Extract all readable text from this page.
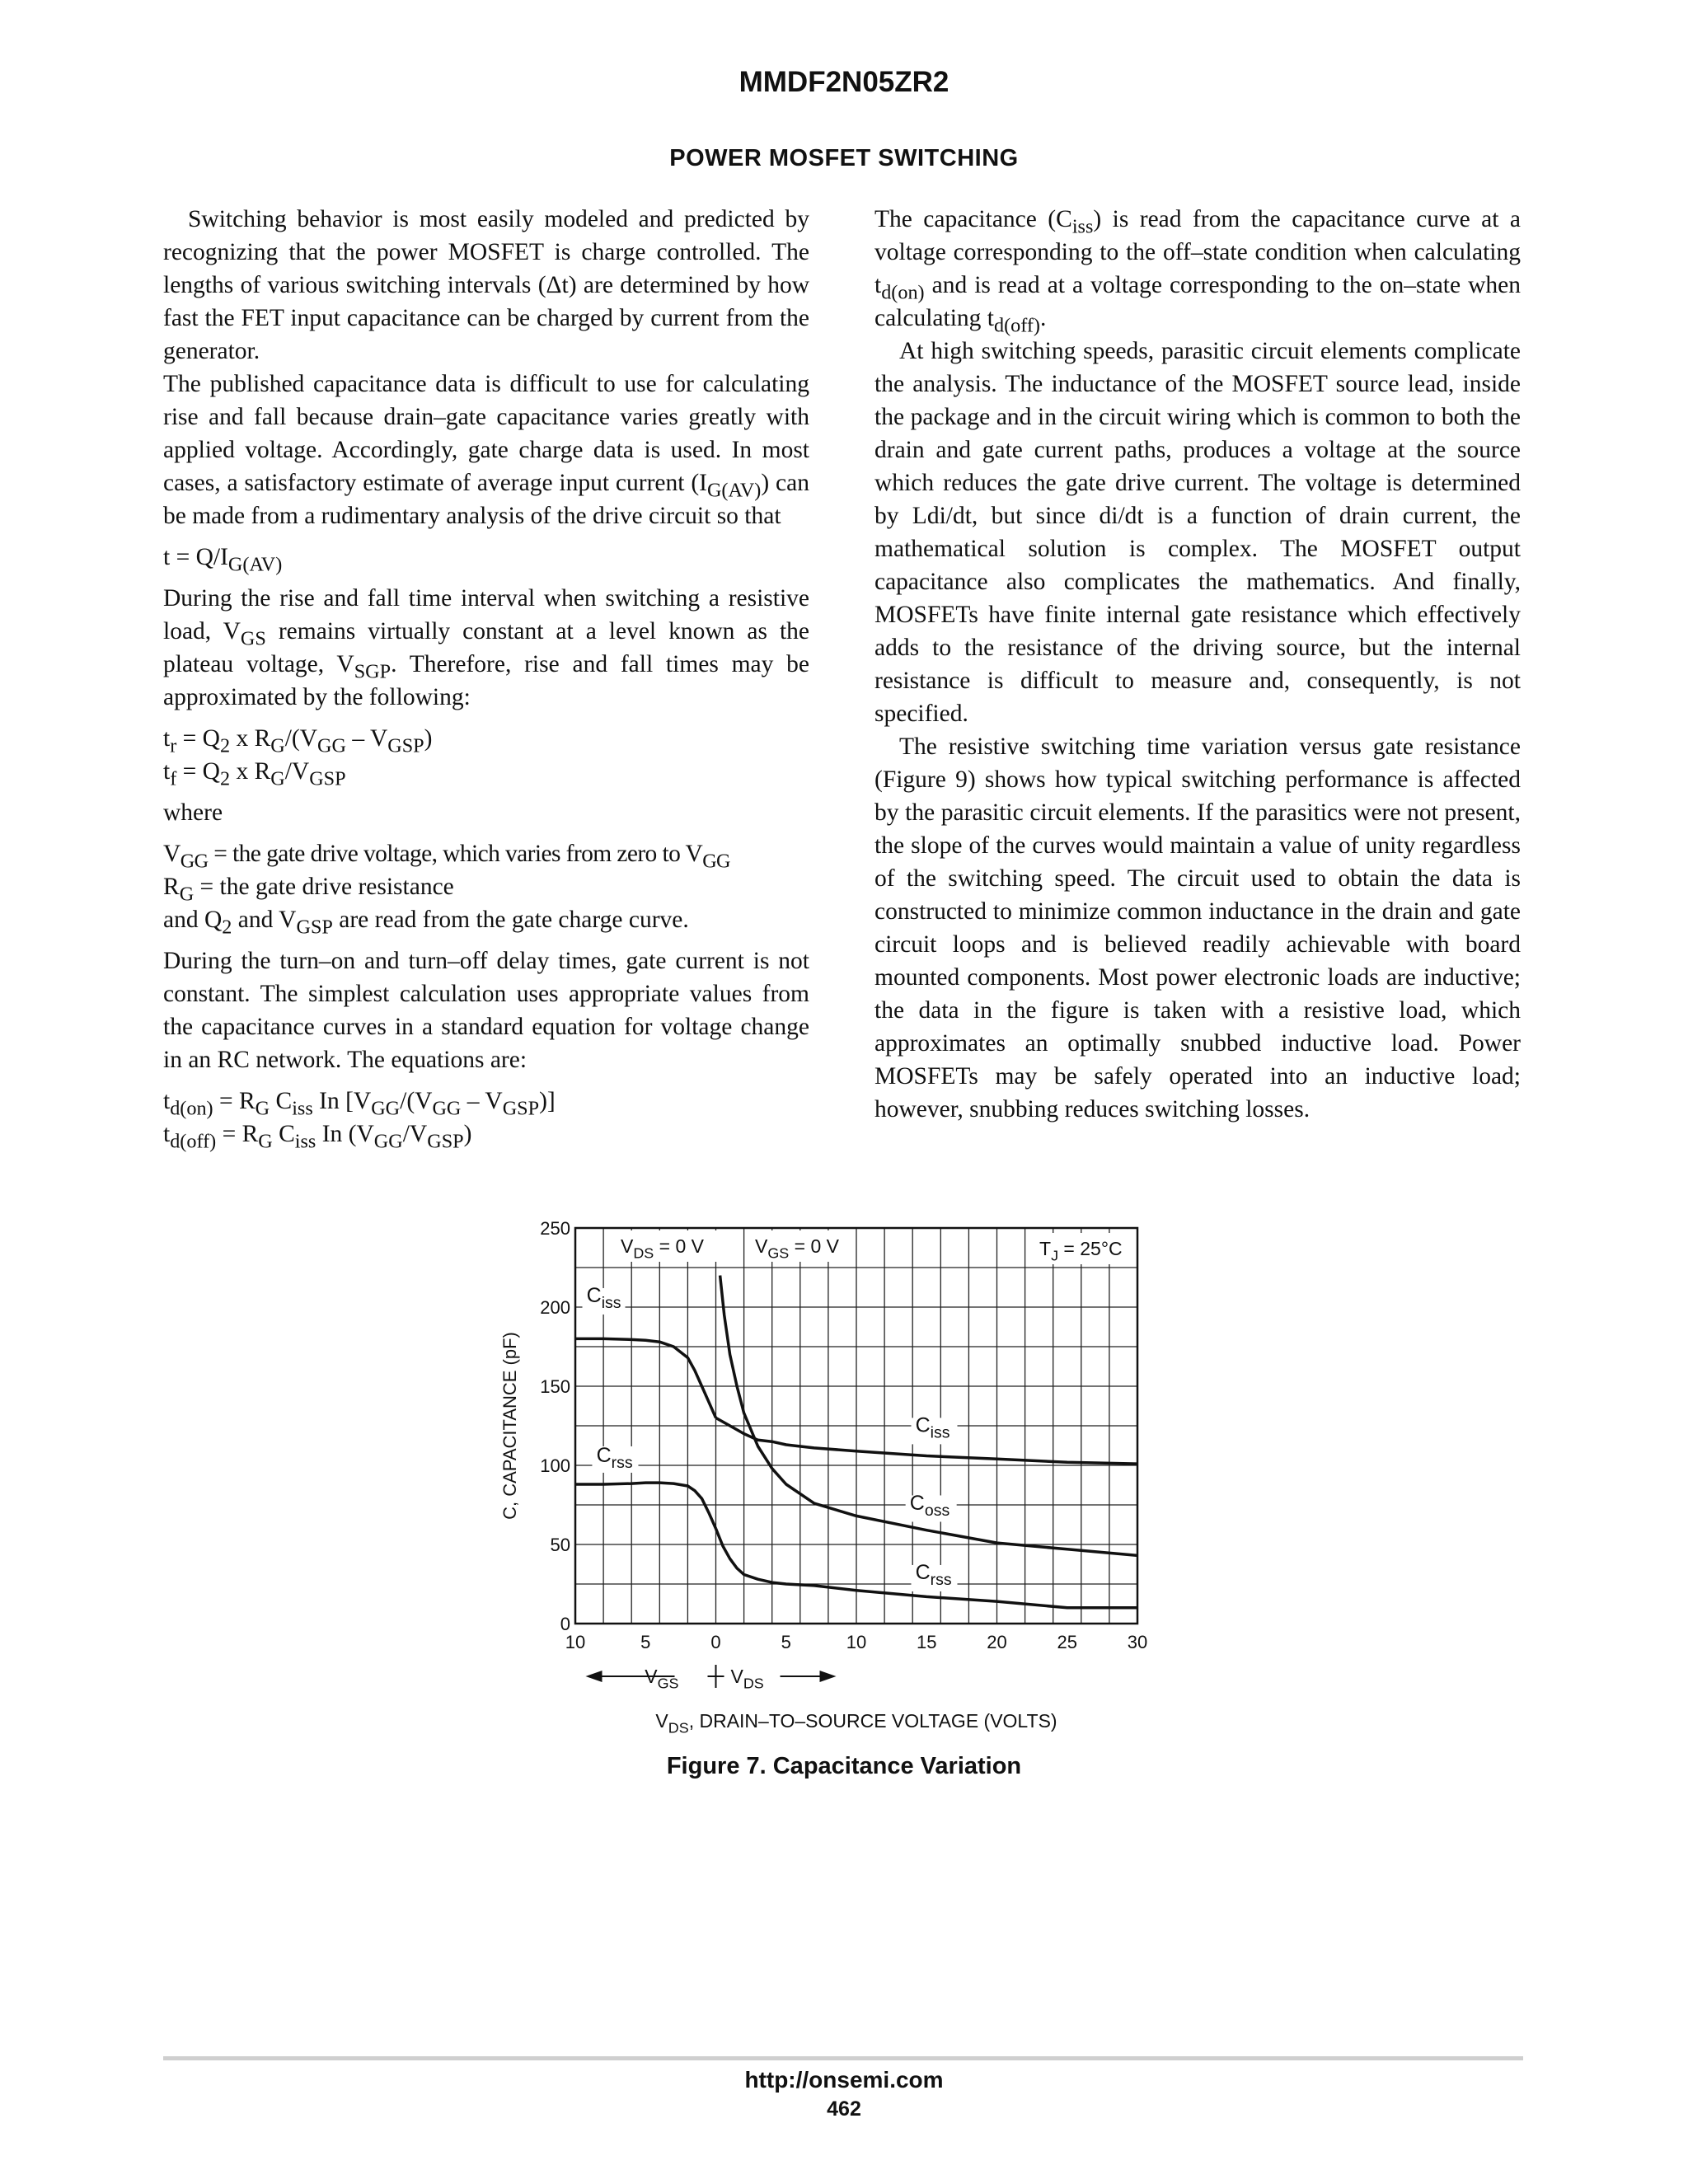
MMDF2N05ZR2
POWER MOSFET SWITCHING

Switching behavior is most easily modeled and predicted by recognizing that the power MOSFET is charge controlled. The lengths of various switching intervals (Δt) are determined by how fast the FET input capacitance can be charged by current from the generator.

The published capacitance data is difficult to use for calculating rise and fall because drain–gate capacitance varies greatly with applied voltage. Accordingly, gate charge data is used. In most cases, a satisfactory estimate of average input current $(I_{G(AV)})$ can be made from a rudimentary analysis of the drive circuit so that

$t = Q/I_{G(AV)}$

During the rise and fall time interval when switching a resistive load, $V_{GS}$ remains virtually constant at a level known as the plateau voltage, $V_{SGP}$. Therefore, rise and fall times may be approximated by the following:

$t_r = Q_2$ x $R_G/(V_{GG} - V_{GSP})$

$t_f = Q_2$ x $R_G/V_{GSP}$

where

$V_{GG}$ = the gate drive voltage, which varies from zero to $V_{GG}$

$R_G$ = the gate drive resistance

and $Q_2$ and $V_{GSP}$ are read from the gate charge curve.

During the turn–on and turn–off delay times, gate current is not constant. The simplest calculation uses appropriate values from the capacitance curves in a standard equation for voltage change in an RC network. The equations are:

$t_{d(on)} = R_G$ $C_{iss}$ In $[V_{GG}/(V_{GG} - V_{GSP})]$

$t_{d(off)} = R_G$ $C_{iss}$ In $(V_{GG}/V_{GSP})$

The capacitance $(C_{iss})$ is read from the capacitance curve at a voltage corresponding to the off–state condition when calculating $t_{d(on)}$ and is read at a voltage corresponding to the on–state when calculating $t_{d(off)}$.

At high switching speeds, parasitic circuit elements complicate the analysis. The inductance of the MOSFET source lead, inside the package and in the circuit wiring which is common to both the drain and gate current paths, produces a voltage at the source which reduces the gate drive current. The voltage is determined by Ldi/dt, but since di/dt is a function of drain current, the mathematical solution is complex. The MOSFET output capacitance also complicates the mathematics. And finally, MOSFETs have finite internal gate resistance which effectively adds to the resistance of the driving source, but the internal resistance is difficult to measure and, consequently, is not specified.

The resistive switching time variation versus gate resistance (Figure 9) shows how typical switching performance is affected by the parasitic circuit elements. If the parasitics were not present, the slope of the curves would maintain a value of unity regardless of the switching speed. The circuit used to obtain the data is constructed to minimize common inductance in the drain and gate circuit loops and is believed readily achievable with board mounted components. Most power electronic loads are inductive; the data in the figure is taken with a resistive load, which approximates an optimally snubbed inductive load. Power MOSFETs may be safely operated into an inductive load; however, snubbing reduces switching losses.

0
50
100
150
200
250
10	5	0	5	10	15	20	25	30
C, CAPACITANCE (pF)
$V_{DS} = 0$ V	$V_{GS} = 0$ V	$T_J = 25^\circ C$
$C_{iss}$
$C_{rss}$
$C_{iss}$
$C_{oss}$
$C_{rss}$
$V_{GS}$	$V_{DS}$
$V_{DS}$, DRAIN–TO–SOURCE VOLTAGE (VOLTS)
Figure 7. Capacitance Variation
http://onsemi.com
462
